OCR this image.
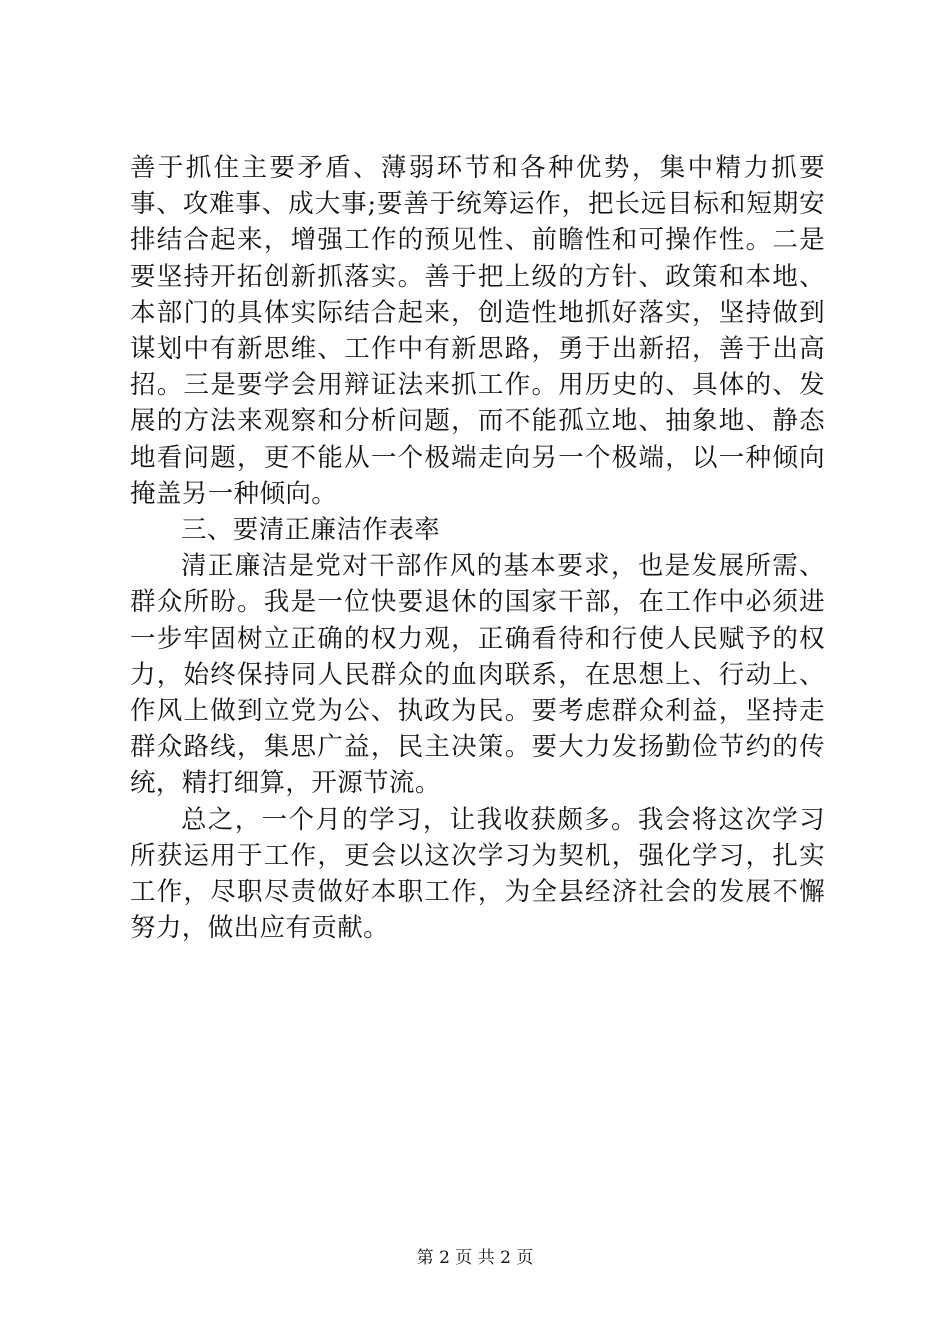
善于抓住主要矛盾、薄弱环节和各种优势，集中精力抓要事、攻难事、成大事;要善于统筹运作，把长远目标和短期安排结合起来，增强工作的预见性、前瞻性和可操作性。二是要坚持开拓创新抓落实。善于把上级的方针、政策和本地、本部门的具体实际结合起来，创造性地抓好落实，坚持做到谋划中有新思维、工作中有新思路，勇于出新招，善于出高招。三是要学会用辩证法来抓工作。用历史的、具体的、发展的方法来观察和分析问题，而不能孤立地、抽象地、静态地看问题，更不能从一个极端走向另一个极端，以一种倾向掩盖另一种倾向。

三、要清正廉洁作表率

清正廉洁是党对干部作风的基本要求，也是发展所需、群众所盼。我是一位快要退休的国家干部，在工作中必须进一步牢固树立正确的权力观，正确看待和行使人民赋予的权力，始终保持同人民群众的血肉联系，在思想上、行动上、作风上做到立党为公、执政为民。要考虑群众利益，坚持走群众路线，集思广益，民主决策。要大力发扬勤俭节约的传统，精打细算，开源节流。

总之，一个月的学习，让我收获颇多。我会将这次学习所获运用于工作，更会以这次学习为契机，强化学习，扎实工作，尽职尽责做好本职工作，为全县经济社会的发展不懈努力，做出应有贡献。

第 2 页 共 2 页
